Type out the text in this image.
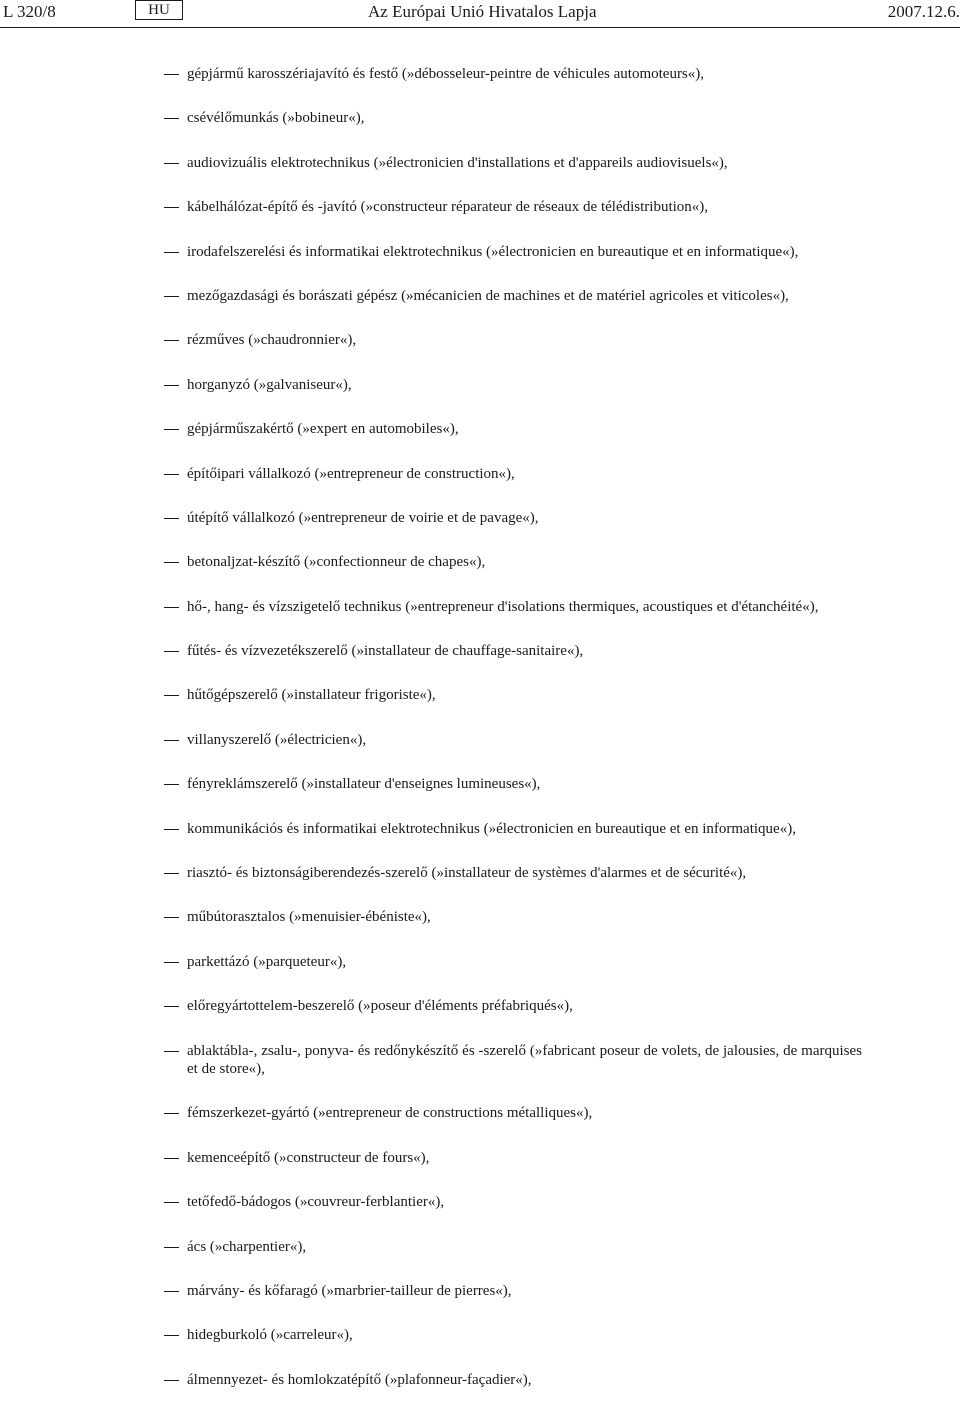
L 320/8	HU	Az Európai Unió Hivatalos Lapja	2007.12.6.
gépjármű karosszériajavító és festő (»débosseleur-peintre de véhicules automoteurs«),
csévélőmunkás (»bobineur«),
audiovizuális elektrotechnikus (»électronicien d'installations et d'appareils audiovisuels«),
kábelhálózat-építő és -javító (»constructeur réparateur de réseaux de télédistribution«),
irodafelszerelési és informatikai elektrotechnikus (»électronicien en bureautique et en informatique«),
mezőgazdasági és borászati gépész (»mécanicien de machines et de matériel agricoles et viticoles«),
rézműves (»chaudronnier«),
horganyzó (»galvaniseur«),
gépjárműszakértő (»expert en automobiles«),
építőipari vállalkozó (»entrepreneur de construction«),
útépítő vállalkozó (»entrepreneur de voirie et de pavage«),
betonaljzat-készítő (»confectionneur de chapes«),
hő-, hang- és vízszigetelő technikus (»entrepreneur d'isolations thermiques, acoustiques et d'étanchéité«),
fűtés- és vízvezetékszerelő (»installateur de chauffage-sanitaire«),
hűtőgépszerelő (»installateur frigoriste«),
villanyszerelő (»électricien«),
fényreklámszerelő (»installateur d'enseignes lumineuses«),
kommunikációs és informatikai elektrotechnikus (»électronicien en bureautique et en informatique«),
riasztó- és biztonságiberendezés-szerelő (»installateur de systèmes d'alarmes et de sécurité«),
műbútorasztalos (»menuisier-ébéniste«),
parkettázó (»parqueteur«),
előregyártottelem-beszerelő (»poseur d'éléments préfabriqués«),
ablaktábla-, zsalu-, ponyva- és redőnykészítő és -szerelő (»fabricant poseur de volets, de jalousies, de marquises et de store«),
fémszerkezet-gyártó (»entrepreneur de constructions métalliques«),
kemenceépítő (»constructeur de fours«),
tetőfedő-bádogos (»couvreur-ferblantier«),
ács (»charpentier«),
márvány- és kőfaragó (»marbrier-tailleur de pierres«),
hidegburkoló (»carreleur«),
álmennyezet- és homlokzatépítő (»plafonneur-façadier«),
